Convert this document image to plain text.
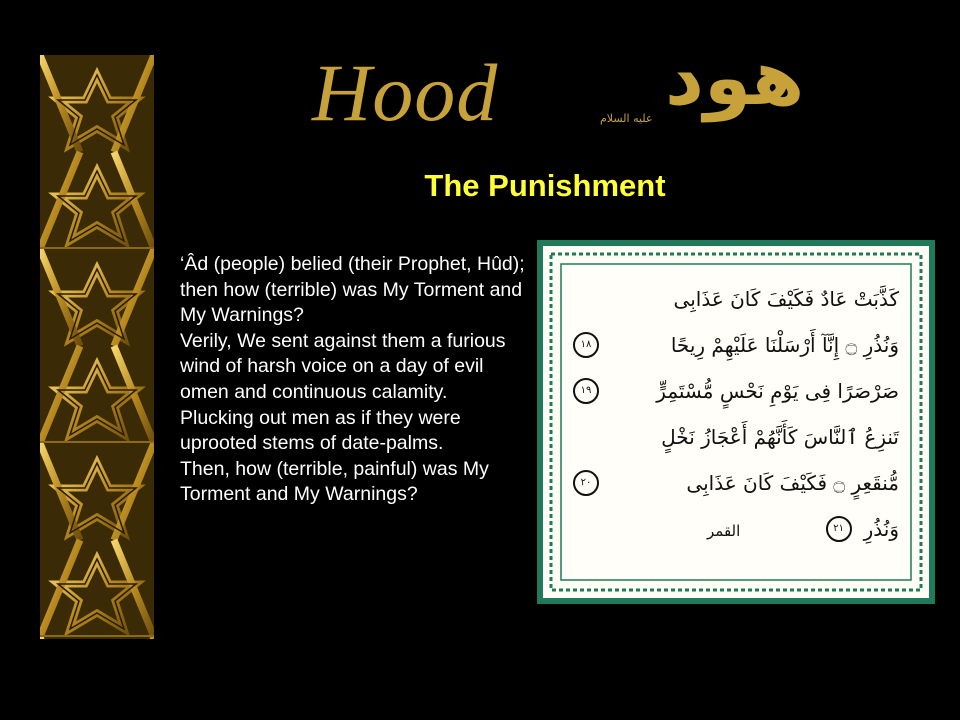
Hood	عليه السلام هود
The Punishment

‘Âd (people) belied (their Prophet, Hûd); then how (terrible) was My Torment and My Warnings?

Verily, We sent against them a furious wind of harsh voice on a day of evil omen and continuous calamity.

Plucking out men as if they were uprooted stems of date-palms.

Then, how (terrible, painful) was My Torment and My Warnings?

كَذَّبَتْ عَادٌ فَكَيْفَ كَانَ عَذَابِى
وَنُذُرِ ۝ إِنَّآ أَرْسَلْنَا عَلَيْهِمْ رِيحًا
١٨
صَرْصَرًا فِى يَوْمِ نَحْسٍ مُّسْتَمِرٍّ
١٩
تَنزِعُ ٱلنَّاسَ كَأَنَّهُمْ أَعْجَازُ نَخْلٍ
مُّنقَعِرٍ ۝ فَكَيْفَ كَانَ عَذَابِى
٢٠
وَنُذُرِ
٢١
القمر
